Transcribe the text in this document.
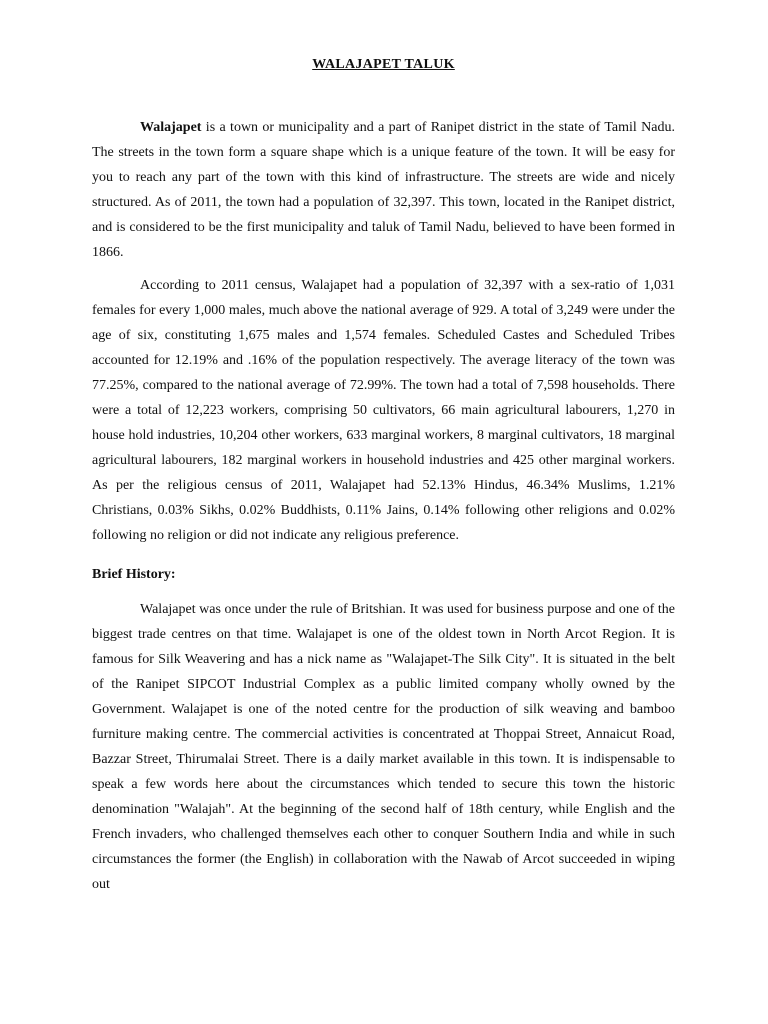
WALAJAPET TALUK

Walajapet is a town or municipality and a part of Ranipet district in the state of Tamil Nadu. The streets in the town form a square shape which is a unique feature of the town. It will be easy for you to reach any part of the town with this kind of infrastructure. The streets are wide and nicely structured. As of 2011, the town had a population of 32,397. This town, located in the Ranipet district, and is considered to be the first municipality and taluk of Tamil Nadu, believed to have been formed in 1866.

According to 2011 census, Walajapet had a population of 32,397 with a sex-ratio of 1,031 females for every 1,000 males, much above the national average of 929. A total of 3,249 were under the age of six, constituting 1,675 males and 1,574 females. Scheduled Castes and Scheduled Tribes accounted for 12.19% and .16% of the population respectively. The average literacy of the town was 77.25%, compared to the national average of 72.99%. The town had a total of 7,598 households. There were a total of 12,223 workers, comprising 50 cultivators, 66 main agricultural labourers, 1,270 in house hold industries, 10,204 other workers, 633 marginal workers, 8 marginal cultivators, 18 marginal agricultural labourers, 182 marginal workers in household industries and 425 other marginal workers. As per the religious census of 2011, Walajapet had 52.13% Hindus, 46.34% Muslims, 1.21% Christians, 0.03% Sikhs, 0.02% Buddhists, 0.11% Jains, 0.14% following other religions and 0.02% following no religion or did not indicate any religious preference.

Brief History:

Walajapet was once under the rule of Britshian. It was used for business purpose and one of the biggest trade centres on that time. Walajapet is one of the oldest town in North Arcot Region. It is famous for Silk Weavering and has a nick name as "Walajapet-The Silk City". It is situated in the belt of the Ranipet SIPCOT Industrial Complex as a public limited company wholly owned by the Government. Walajapet is one of the noted centre for the production of silk weaving and bamboo furniture making centre. The commercial activities is concentrated at Thoppai Street, Annaicut Road, Bazzar Street, Thirumalai Street. There is a daily market available in this town. It is indispensable to speak a few words here about the circumstances which tended to secure this town the historic denomination "Walajah". At the beginning of the second half of 18th century, while English and the French invaders, who challenged themselves each other to conquer Southern India and while in such circumstances the former (the English) in collaboration with the Nawab of Arcot succeeded in wiping out
